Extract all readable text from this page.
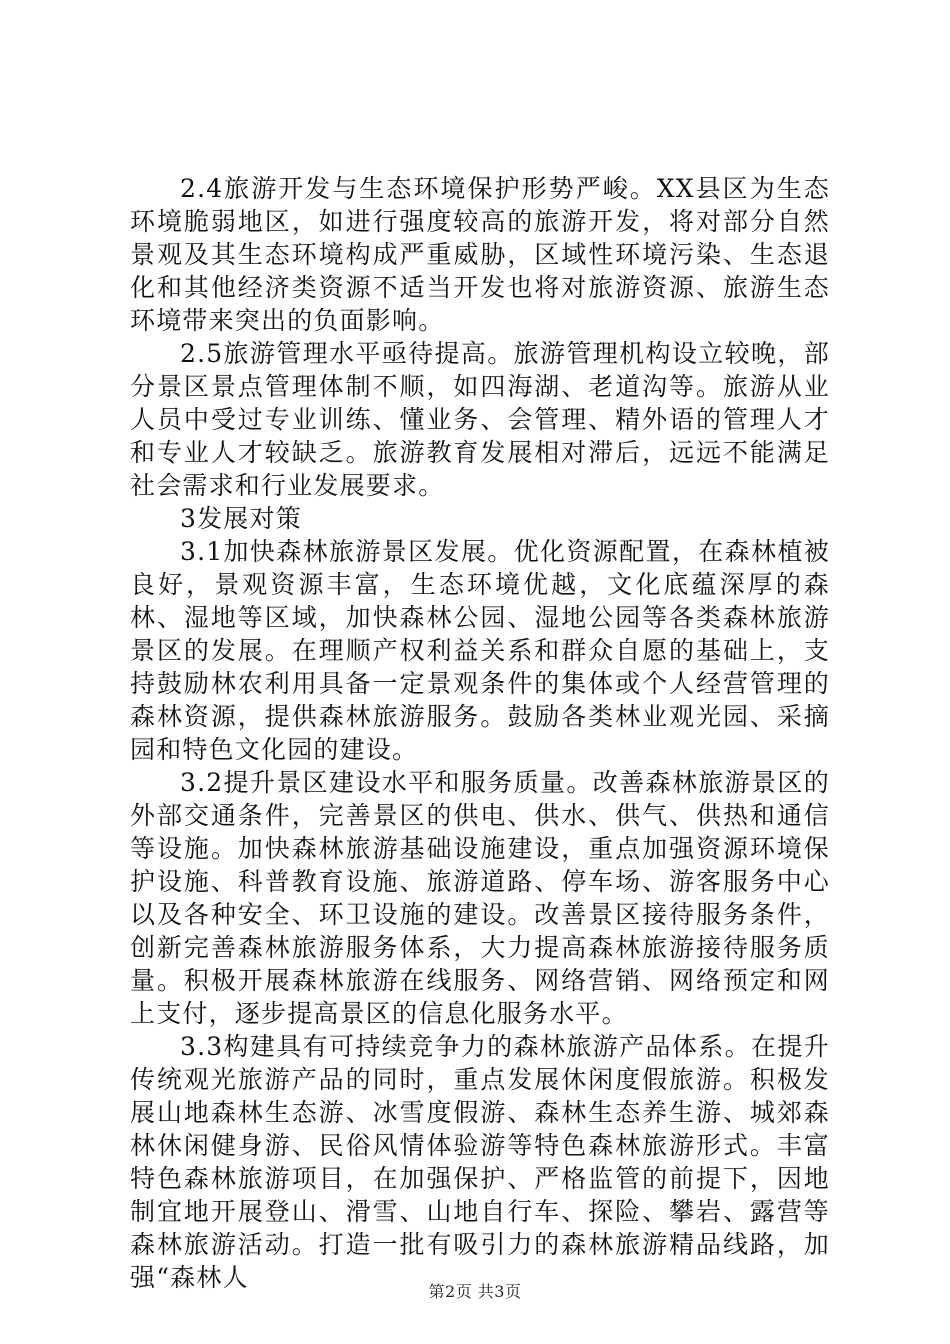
2.4旅游开发与生态环境保护形势严峻。XX县区为生态环境脆弱地区，如进行强度较高的旅游开发，将对部分自然景观及其生态环境构成严重威胁，区域性环境污染、生态退化和其他经济类资源不适当开发也将对旅游资源、旅游生态环境带来突出的负面影响。

2.5旅游管理水平亟待提高。旅游管理机构设立较晚，部分景区景点管理体制不顺，如四海湖、老道沟等。旅游从业人员中受过专业训练、懂业务、会管理、精外语的管理人才和专业人才较缺乏。旅游教育发展相对滞后，远远不能满足社会需求和行业发展要求。

3发展对策

3.1加快森林旅游景区发展。优化资源配置，在森林植被良好，景观资源丰富，生态环境优越，文化底蕴深厚的森林、湿地等区域，加快森林公园、湿地公园等各类森林旅游景区的发展。在理顺产权利益关系和群众自愿的基础上，支持鼓励林农利用具备一定景观条件的集体或个人经营管理的森林资源，提供森林旅游服务。鼓励各类林业观光园、采摘园和特色文化园的建设。

3.2提升景区建设水平和服务质量。改善森林旅游景区的外部交通条件，完善景区的供电、供水、供气、供热和通信等设施。加快森林旅游基础设施建设，重点加强资源环境保护设施、科普教育设施、旅游道路、停车场、游客服务中心以及各种安全、环卫设施的建设。改善景区接待服务条件，创新完善森林旅游服务体系，大力提高森林旅游接待服务质量。积极开展森林旅游在线服务、网络营销、网络预定和网上支付，逐步提高景区的信息化服务水平。

3.3构建具有可持续竞争力的森林旅游产品体系。在提升传统观光旅游产品的同时，重点发展休闲度假旅游。积极发展山地森林生态游、冰雪度假游、森林生态养生游、城郊森林休闲健身游、民俗风情体验游等特色森林旅游形式。丰富特色森林旅游项目，在加强保护、严格监管的前提下，因地制宜地开展登山、滑雪、山地自行车、探险、攀岩、露营等森林旅游活动。打造一批有吸引力的森林旅游精品线路，加强“森林人	第2页 共3页
